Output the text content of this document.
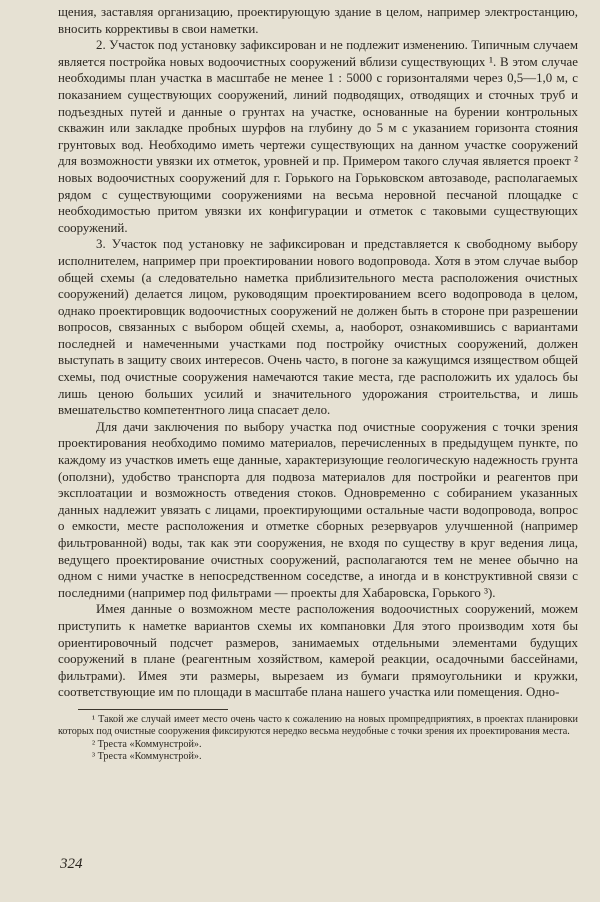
щения, заставляя организацию, проектирующую здание в целом, например электростанцию, вносить коррективы в свои наметки.

2. Участок под установку зафиксирован и не подлежит изменению. Типичным случаем является постройка новых водоочистных сооружений вблизи существующих ¹. В этом случае необходимы план участка в масштабе не менее 1 : 5000 с горизонталями через 0,5—1,0 м, с показанием существующих сооружений, линий подводящих, отводящих и сточных труб и подъездных путей и данные о грунтах на участке, основанные на бурении контрольных скважин или закладке пробных шурфов на глубину до 5 м с указанием горизонта стояния грунтовых вод. Необходимо иметь чертежи существующих на данном участке сооружений для возможности увязки их отметок, уровней и пр. Примером такого случая является проект ² новых водоочистных сооружений для г. Горького на Горьковском автозаводе, располагаемых рядом с существующими сооружениями на весьма неровной песчаной площадке с необходимостью притом увязки их конфигурации и отметок с таковыми существующих сооружений.

3. Участок под установку не зафиксирован и представляется к свободному выбору исполнителем, например при проектировании нового водопровода. Хотя в этом случае выбор общей схемы (а следовательно наметка приблизительного места расположения очистных сооружений) делается лицом, руководящим проектированием всего водопровода в целом, однако проектировщик водоочистных сооружений не должен быть в стороне при разрешении вопросов, связанных с выбором общей схемы, а, наоборот, ознакомившись с вариантами последней и намеченными участками под постройку очистных сооружений, должен выступать в защиту своих интересов. Очень часто, в погоне за кажущимся изяществом общей схемы, под очистные сооружения намечаются такие места, где расположить их удалось бы лишь ценою больших усилий и значительного удорожания строительства, и лишь вмешательство компетентного лица спасает дело.

Для дачи заключения по выбору участка под очистные сооружения с точки зрения проектирования необходимо помимо материалов, перечисленных в предыдущем пункте, по каждому из участков иметь еще данные, характеризующие геологическую надежность грунта (оползни), удобство транспорта для подвоза материалов для постройки и реагентов при эксплоатации и возможность отведения стоков. Одновременно с собиранием указанных данных надлежит увязать с лицами, проектирующими остальные части водопровода, вопрос о емкости, месте расположения и отметке сборных резервуаров улучшенной (например фильтрованной) воды, так как эти сооружения, не входя по существу в круг ведения лица, ведущего проектирование очистных сооружений, располагаются тем не менее обычно на одном с ними участке в непосредственном соседстве, а иногда и в конструктивной связи с последними (например под фильтрами — проекты для Хабаровска, Горького ³).

Имея данные о возможном месте расположения водоочистных сооружений, можем приступить к наметке вариантов схемы их компановки Для этого производим хотя бы ориентировочный подсчет размеров, занимаемых отдельными элементами будущих сооружений в плане (реагентным хозяйством, камерой реакции, осадочными бассейнами, фильтрами). Имея эти размеры, вырезаем из бумаги прямоугольники и кружки, соответствующие им по площади в масштабе плана нашего участка или помещения. Одно-

¹ Такой же случай имеет место очень часто к сожалению на новых промпредприятиях, в проектах планировки которых под очистные сооружения фиксируются нередко весьма неудобные с точки зрения их проектирования места.

² Треста «Коммунстрой».

³ Треста «Коммунстрой».

324
